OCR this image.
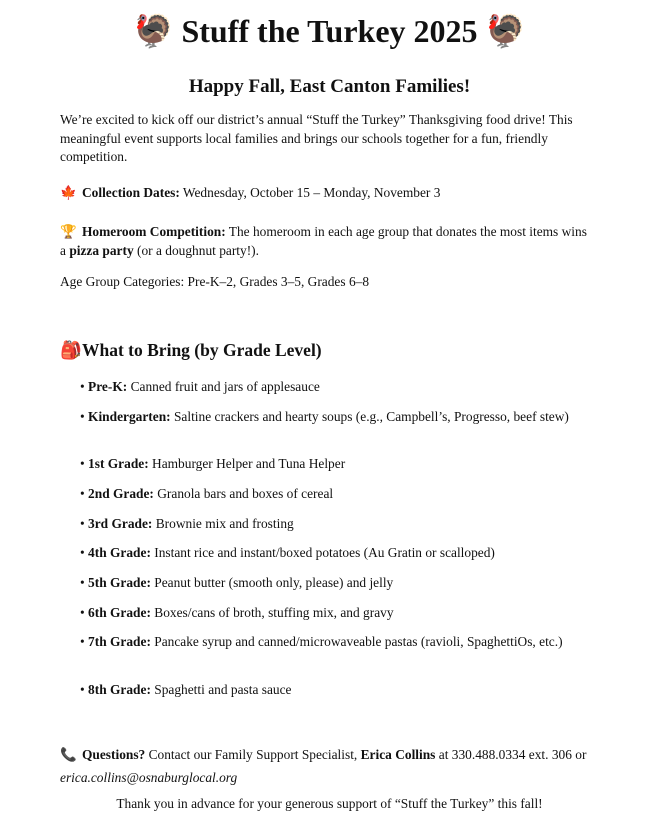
🦃 Stuff the Turkey 2025 🦃
Happy Fall, East Canton Families!
We’re excited to kick off our district’s annual “Stuff the Turkey” Thanksgiving food drive! This meaningful event supports local families and brings our schools together for a fun, friendly competition.
🍁 Collection Dates: Wednesday, October 15 – Monday, November 3
🏆 Homeroom Competition: The homeroom in each age group that donates the most items wins a pizza party (or a doughnut party!).
Age Group Categories: Pre-K–2, Grades 3–5, Grades 6–8
🎒What to Bring (by Grade Level)
• Pre-K: Canned fruit and jars of applesauce
• Kindergarten: Saltine crackers and hearty soups (e.g., Campbell’s, Progresso, beef stew)
• 1st Grade: Hamburger Helper and Tuna Helper
• 2nd Grade: Granola bars and boxes of cereal
• 3rd Grade: Brownie mix and frosting
• 4th Grade: Instant rice and instant/boxed potatoes (Au Gratin or scalloped)
• 5th Grade: Peanut butter (smooth only, please) and jelly
• 6th Grade: Boxes/cans of broth, stuffing mix, and gravy
• 7th Grade: Pancake syrup and canned/microwaveable pastas (ravioli, SpaghettiOs, etc.)
• 8th Grade: Spaghetti and pasta sauce
📞 Questions? Contact our Family Support Specialist, Erica Collins at 330.488.0334 ext. 306 or erica.collins@osnaburglocal.org
Thank you in advance for your generous support of “Stuff the Turkey” this fall!
